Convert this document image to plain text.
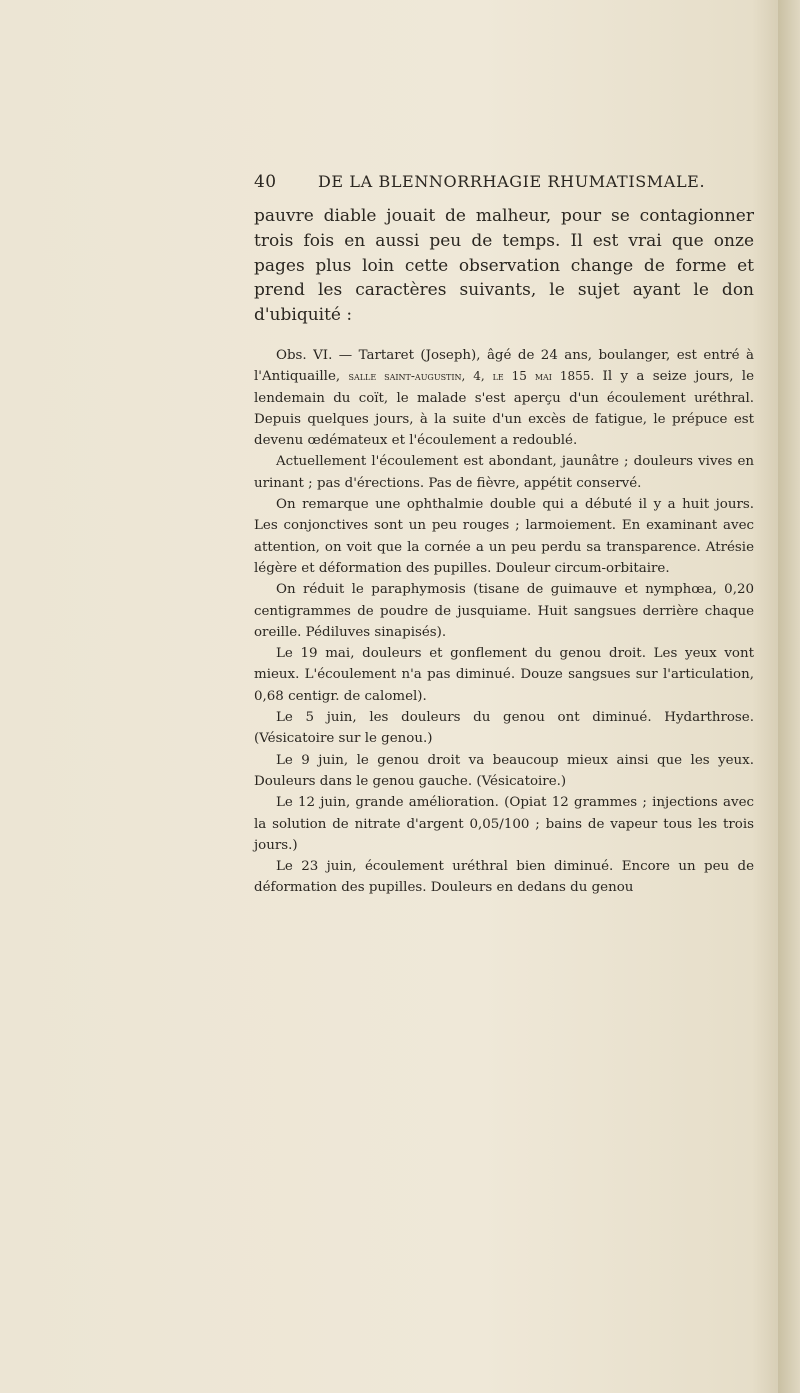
40	DE LA BLENNORRHAGIE RHUMATISMALE.

pauvre diable jouait de malheur, pour se contagionner trois fois en aussi peu de temps. Il est vrai que onze pages plus loin cette observation change de forme et prend les caractères suivants, le sujet ayant le don d'ubiquité :

Obs. VI. — Tartaret (Joseph), âgé de 24 ans, boulanger, est entré à l'Antiquaille, salle saint-augustin, 4, le 15 mai 1855. Il y a seize jours, le lendemain du coït, le malade s'est aperçu d'un écoulement uréthral. Depuis quelques jours, à la suite d'un excès de fatigue, le prépuce est devenu œdémateux et l'écoulement a redoublé.

Actuellement l'écoulement est abondant, jaunâtre ; douleurs vives en urinant ; pas d'érections. Pas de fièvre, appétit conservé.

On remarque une ophthalmie double qui a débuté il y a huit jours. Les conjonctives sont un peu rouges ; larmoiement. En examinant avec attention, on voit que la cornée a un peu perdu sa transparence. Atrésie légère et déformation des pupilles. Douleur circum-orbitaire.

On réduit le paraphymosis (tisane de guimauve et nymphœa, 0,20 centigrammes de poudre de jusquiame. Huit sangsues derrière chaque oreille. Pédiluves sinapisés).

Le 19 mai, douleurs et gonflement du genou droit. Les yeux vont mieux. L'écoulement n'a pas diminué. Douze sangsues sur l'articulation, 0,68 centigr. de calomel).

Le 5 juin, les douleurs du genou ont diminué. Hydarthrose. (Vésicatoire sur le genou.)

Le 9 juin, le genou droit va beaucoup mieux ainsi que les yeux. Douleurs dans le genou gauche. (Vésicatoire.)

Le 12 juin, grande amélioration. (Opiat 12 grammes ; injections avec la solution de nitrate d'argent 0,05/100 ; bains de vapeur tous les trois jours.)

Le 23 juin, écoulement uréthral bien diminué. Encore un peu de déformation des pupilles. Douleurs en dedans du genou
